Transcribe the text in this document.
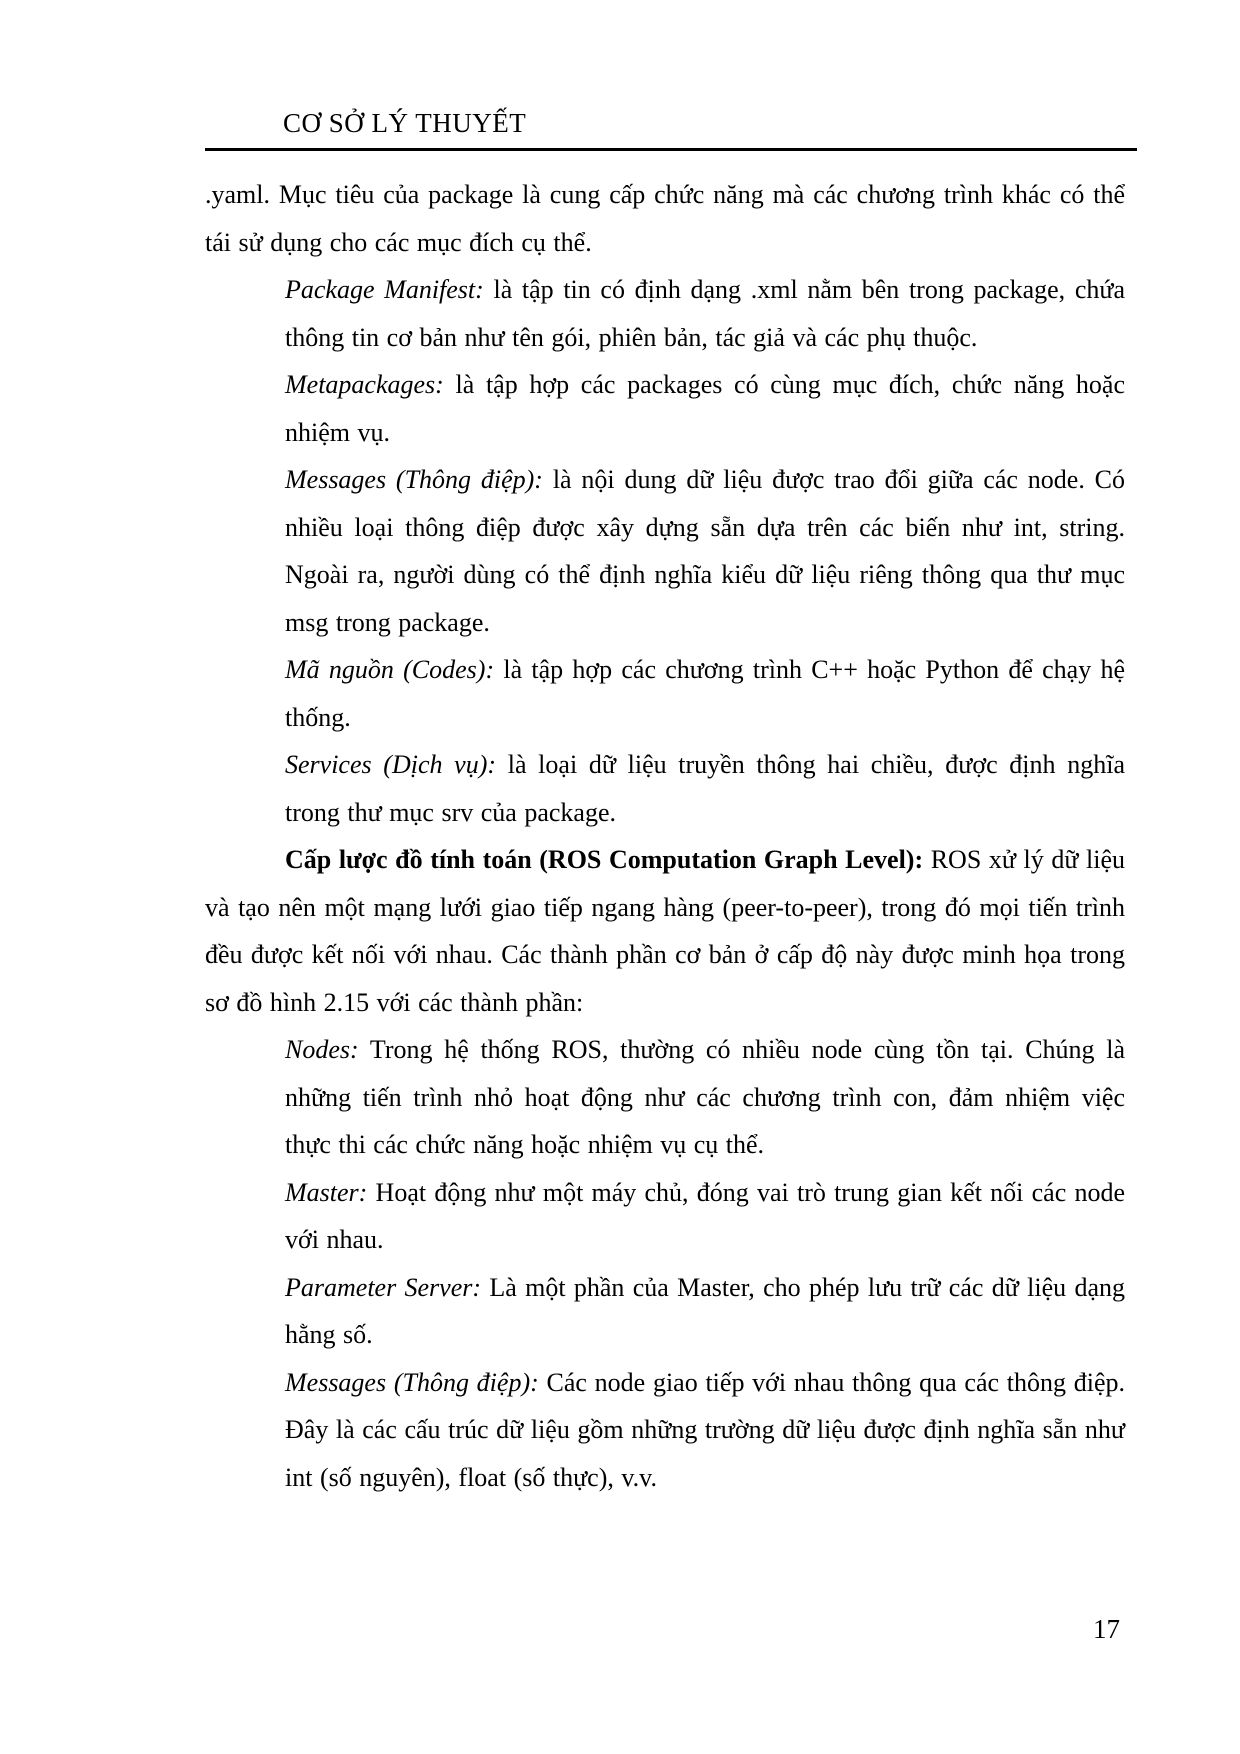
CƠ SỞ LÝ THUYẾT

.yaml. Mục tiêu của package là cung cấp chức năng mà các chương trình khác có thể tái sử dụng cho các mục đích cụ thể.

Package Manifest: là tập tin có định dạng .xml nằm bên trong package, chứa thông tin cơ bản như tên gói, phiên bản, tác giả và các phụ thuộc.

Metapackages: là tập hợp các packages có cùng mục đích, chức năng hoặc nhiệm vụ.

Messages (Thông điệp): là nội dung dữ liệu được trao đổi giữa các node. Có nhiều loại thông điệp được xây dựng sẵn dựa trên các biến như int, string. Ngoài ra, người dùng có thể định nghĩa kiểu dữ liệu riêng thông qua thư mục msg trong package.

Mã nguồn (Codes): là tập hợp các chương trình C++ hoặc Python để chạy hệ thống.

Services (Dịch vụ): là loại dữ liệu truyền thông hai chiều, được định nghĩa trong thư mục srv của package.

Cấp lược đồ tính toán (ROS Computation Graph Level): ROS xử lý dữ liệu và tạo nên một mạng lưới giao tiếp ngang hàng (peer-to-peer), trong đó mọi tiến trình đều được kết nối với nhau. Các thành phần cơ bản ở cấp độ này được minh họa trong sơ đồ hình 2.15 với các thành phần:

Nodes: Trong hệ thống ROS, thường có nhiều node cùng tồn tại. Chúng là những tiến trình nhỏ hoạt động như các chương trình con, đảm nhiệm việc thực thi các chức năng hoặc nhiệm vụ cụ thể.

Master: Hoạt động như một máy chủ, đóng vai trò trung gian kết nối các node với nhau.

Parameter Server: Là một phần của Master, cho phép lưu trữ các dữ liệu dạng hằng số.

Messages (Thông điệp): Các node giao tiếp với nhau thông qua các thông điệp. Đây là các cấu trúc dữ liệu gồm những trường dữ liệu được định nghĩa sẵn như int (số nguyên), float (số thực), v.v.

17
